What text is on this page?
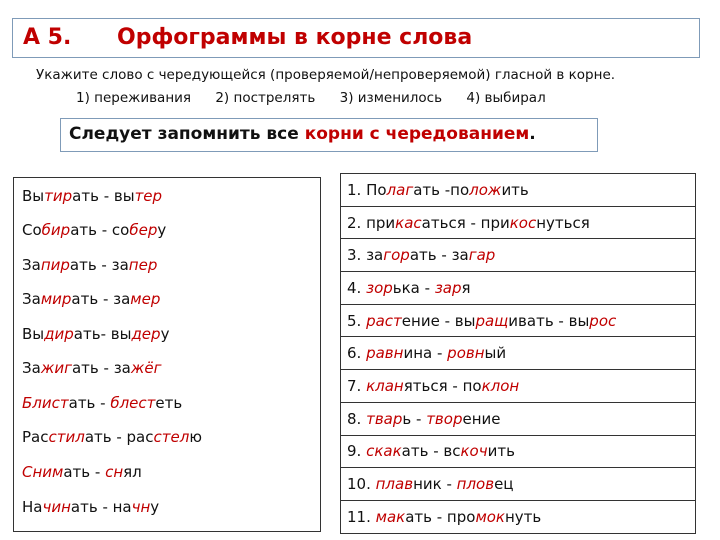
А 5. Орфограммы в корне слова
Укажите слово с чередующейся (проверяемой/непроверяемой) гласной в корне.
1) переживания 2) пострелять 3) изменилось 4) выбирал
Следует запомнить все корни с чередованием.
Вытирать - вытер
Собирать - соберу
Запирать - запер
Замирать - замер
Выдирать- выдеру
Зажигать - зажёг
Блистать - блестеть
Расстилать - расстелю
Снимать - снял
Начинать - начну
1. Полагать -положить
2. прикасаться - прикоснуться
3. загорать - загар
4. зорька - заря
5. растение - выращивать - вырос
6. равнина - ровный
7. кланяться - поклон
8. тварь - творение
9. скакать - вскочить
10. плавник - пловец
11. макать - промокнуть
